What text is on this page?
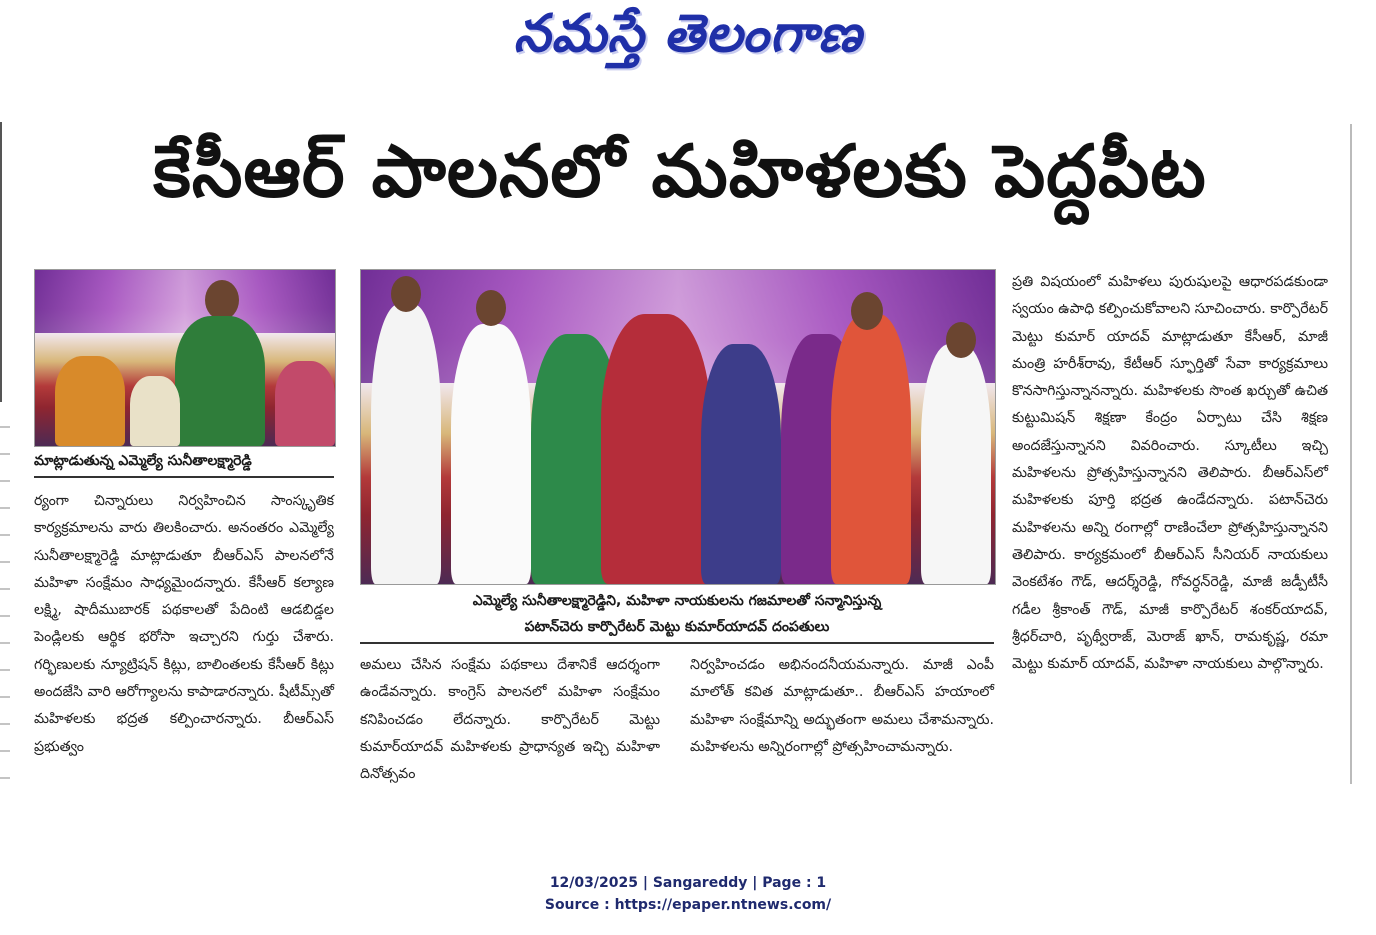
నమస్తే తెలంగాణ
కేసీఆర్ పాలనలో మహిళలకు పెద్దపీట
మాట్లాడుతున్న ఎమ్మెల్యే సునీతాలక్ష్మారెడ్డి
ఎమ్మెల్యే సునీతాలక్ష్మారెడ్డిని, మహిళా నాయకులను గజమాలతో సన్మానిస్తున్న
పటాన్‌చెరు కార్పొరేటర్ మెట్టు కుమార్‌యాదవ్ దంపతులు

ర్యంగా చిన్నారులు నిర్వహించిన సాంస్కృతిక కార్యక్రమాలను వారు తిలకించారు. అనంతరం ఎమ్మెల్యే సునీతాలక్ష్మారెడ్డి మాట్లాడుతూ బీఆర్ఎస్ పాలనలోనే మహిళా సంక్షేమం సాధ్యమైందన్నారు. కేసీఆర్ కల్యాణ లక్ష్మి, షాదీముబారక్ పథకాలతో పేదింటి ఆడబిడ్డల పెండ్లిలకు ఆర్థిక భరోసా ఇచ్చారని గుర్తు చేశారు. గర్భిణులకు న్యూట్రిషన్ కిట్లు, బాలింతలకు కేసీఆర్ కిట్లు అందజేసి వారి ఆరోగ్యాలను కాపాడారన్నారు. షీటీమ్స్‌తో మహిళలకు భద్రత కల్పించారన్నారు. బీఆర్ఎస్ ప్రభుత్వం

అమలు చేసిన సంక్షేమ పథకాలు దేశానికే ఆదర్శంగా ఉండేవన్నారు. కాంగ్రెస్ పాలనలో మహిళా సంక్షేమం కనిపించడం లేదన్నారు. కార్పొరేటర్ మెట్టు కుమార్‌యాదవ్ మహిళలకు ప్రాధాన్యత ఇచ్చి మహిళా దినోత్సవం

నిర్వహించడం అభినందనీయమన్నారు. మాజీ ఎంపీ మాలోత్ కవిత మాట్లాడుతూ.. బీఆర్ఎస్ హయాంలో మహిళా సంక్షేమాన్ని అద్భుతంగా అమలు చేశామన్నారు. మహిళలను అన్నిరంగాల్లో ప్రోత్సహించామన్నారు.

ప్రతి విషయంలో మహిళలు పురుషులపై ఆధారపడకుండా స్వయం ఉపాధి కల్పించుకోవాలని సూచించారు. కార్పొరేటర్ మెట్టు కుమార్ యాదవ్ మాట్లాడుతూ కేసీఆర్, మాజీ మంత్రి హరీశ్‌రావు, కేటీఆర్ స్ఫూర్తితో సేవా కార్యక్రమాలు కొనసాగిస్తున్నానన్నారు. మహిళలకు సొంత ఖర్చుతో ఉచిత కుట్టుమిషన్ శిక్షణా కేంద్రం ఏర్పాటు చేసి శిక్షణ అందజేస్తున్నానని వివరించారు. స్కూటీలు ఇచ్చి మహిళలను ప్రోత్సహిస్తున్నానని తెలిపారు. బీఆర్ఎస్‌లో మహిళలకు పూర్తి భద్రత ఉండేదన్నారు. పటాన్‌చెరు మహిళలను అన్ని రంగాల్లో రాణించేలా ప్రోత్సహిస్తున్నానని తెలిపారు. కార్యక్రమంలో బీఆర్ఎస్ సీనియర్ నాయకులు వెంకటేశం గౌడ్, ఆదర్శ్‌రెడ్డి, గోవర్ధన్‌రెడ్డి, మాజీ జడ్పీటీసీ గడీల శ్రీకాంత్ గౌడ్, మాజీ కార్పొరేటర్ శంకర్‌యాదవ్, శ్రీధర్‌చారి, పృథ్వీరాజ్, మెరాజ్ ఖాన్, రామకృష్ణ, రమా మెట్టు కుమార్ యాదవ్, మహిళా నాయకులు పాల్గొన్నారు.

12/03/2025 | Sangareddy | Page : 1
Source : https://epaper.ntnews.com/
